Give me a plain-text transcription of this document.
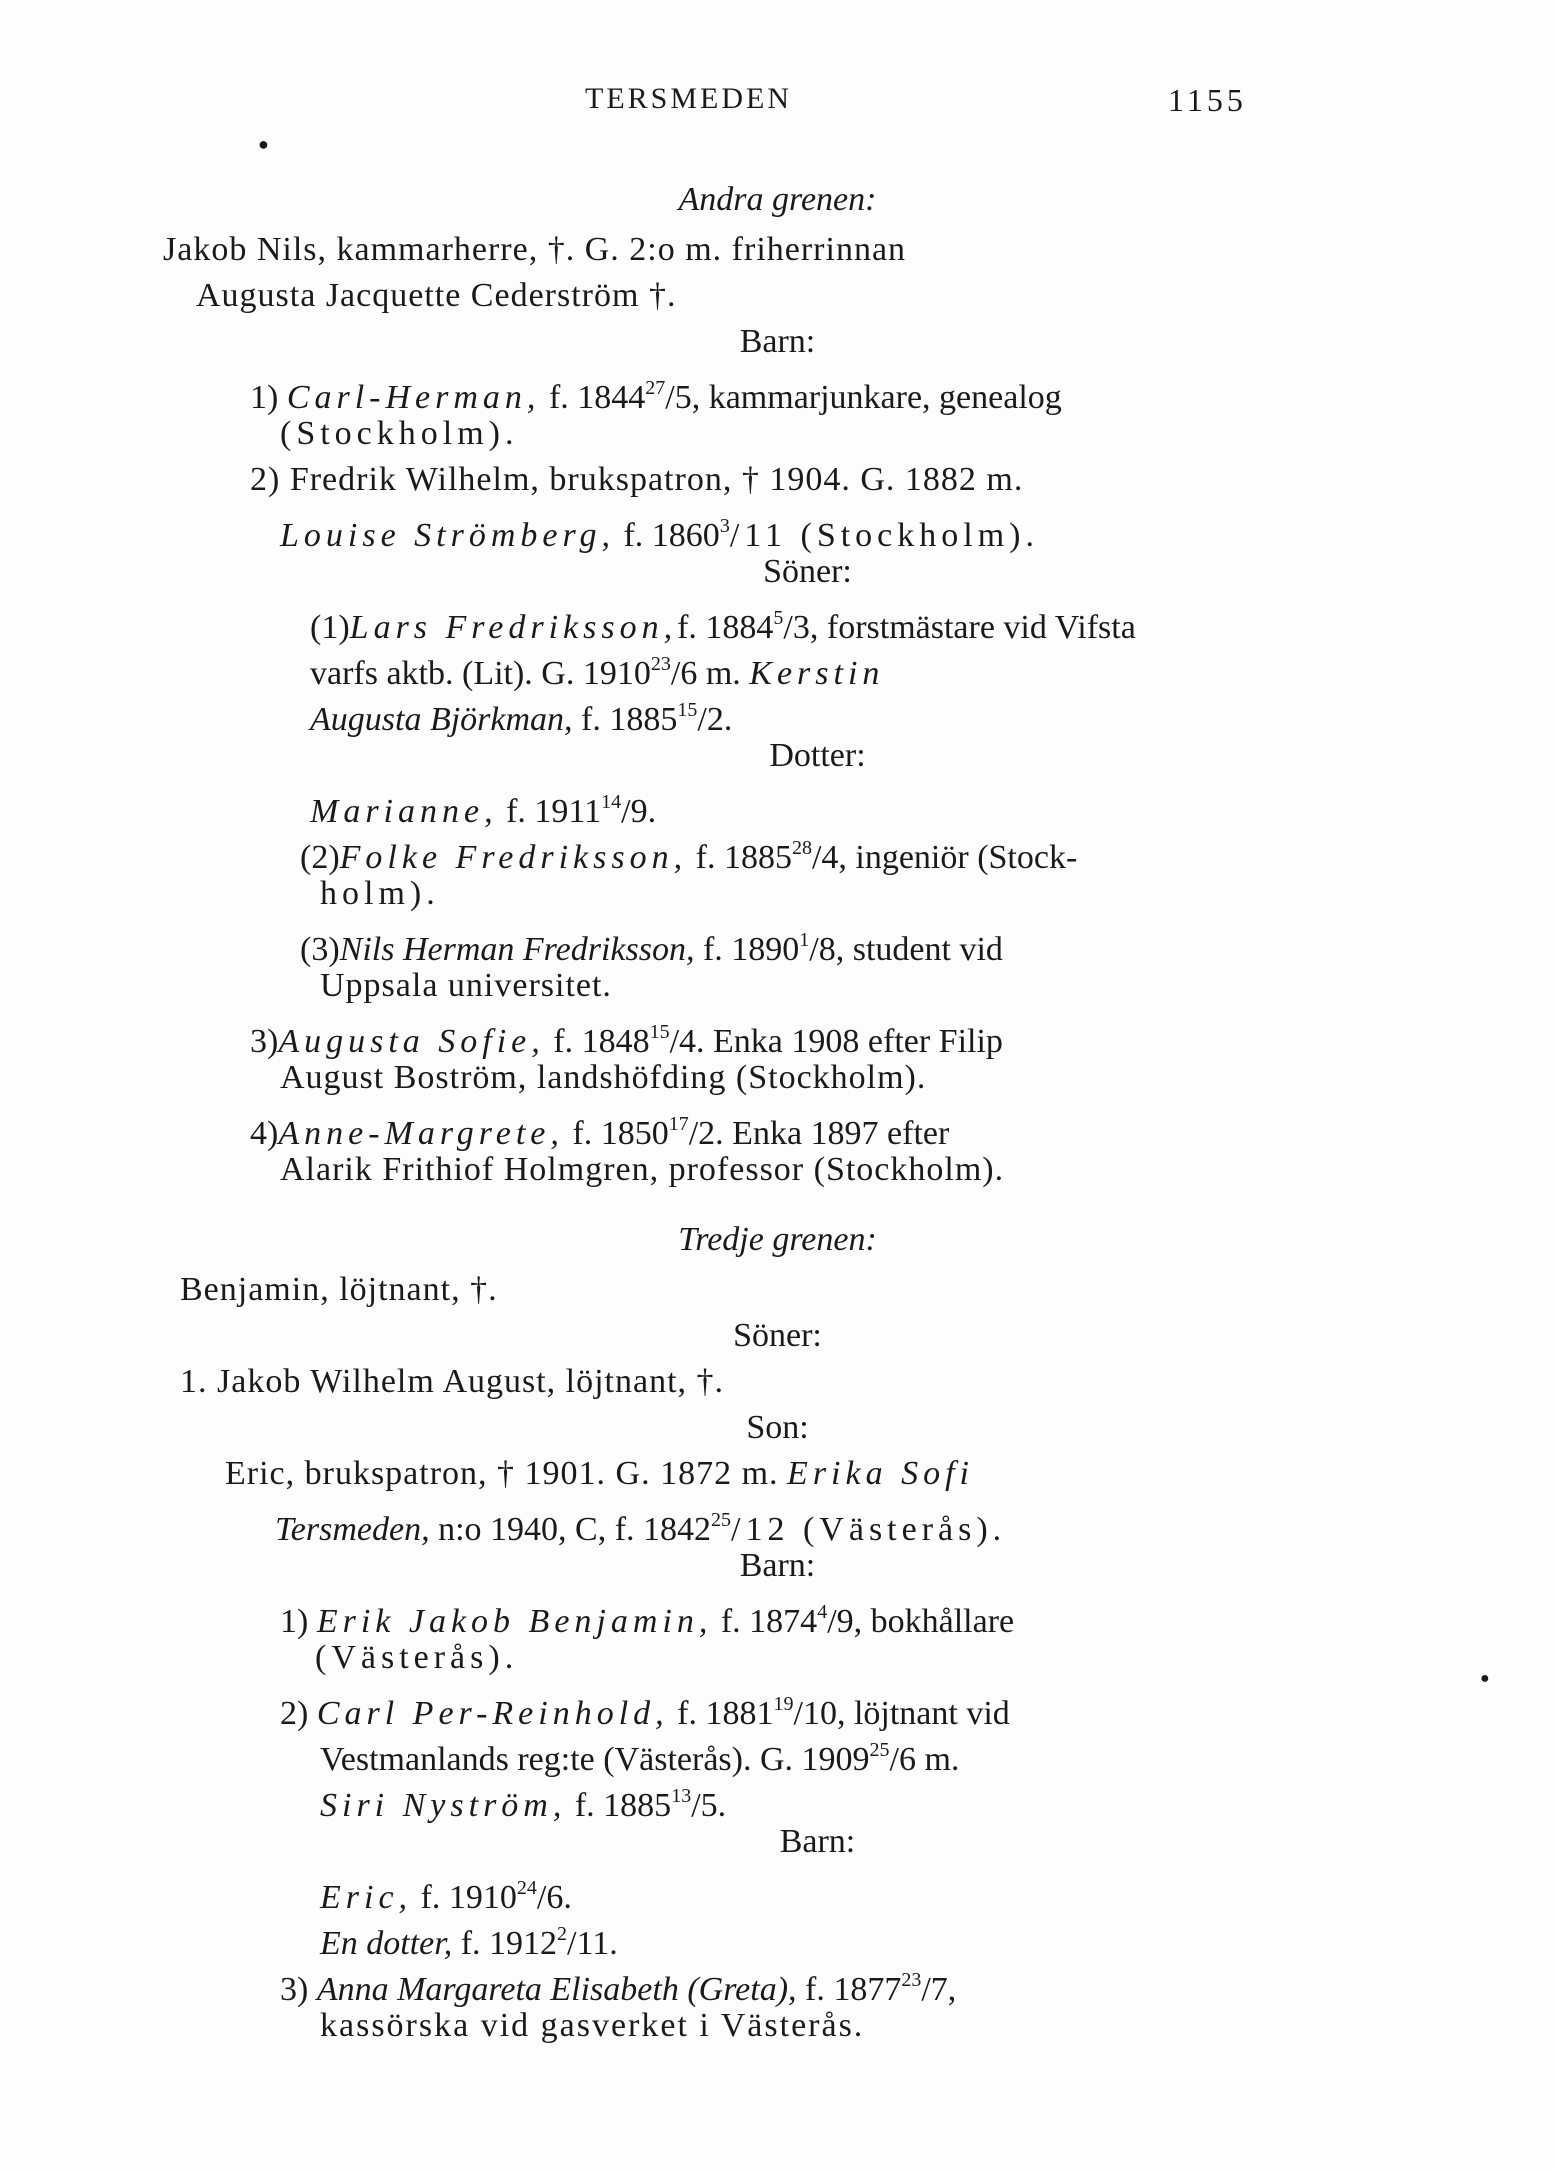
TERSMEDEN	1155
●
Andra grenen:
Jakob Nils, kammarherre, †. G. 2:o m. friherrinnan
Augusta Jacquette Cederström †.
Barn:
1) Carl-Herman, f. 1844$^{27}$/5, kammarjunkare, genealog
(Stockholm).
2) Fredrik Wilhelm, brukspatron, † 1904. G. 1882 m.
Louise Strömberg, f. 1860$^3$/11 (Stockholm).
Söner:
(1)Lars Fredriksson,f. 1884$^5$/3, forstmästare vid Vifsta
varfs aktb. (Lit). G. 1910$^{23}$/6 m. Kerstin
Augusta Björkman, f. 1885$^{15}$/2.
Dotter:
Marianne, f. 1911$^{14}$/9.
(2)Folke Fredriksson, f. 1885$^{28}$/4, ingeniör (Stock-
holm).
(3)Nils Herman Fredriksson, f. 1890$^1$/8, student vid
Uppsala universitet.
3)Augusta Sofie, f. 1848$^{15}$/4. Enka 1908 efter Filip
August Boström, landshöfding (Stockholm).
4)Anne-Margrete, f. 1850$^{17}$/2. Enka 1897 efter
Alarik Frithiof Holmgren, professor (Stockholm).
Tredje grenen:
Benjamin, löjtnant, †.
Söner:
1. Jakob Wilhelm August, löjtnant, †.
Son:
Eric, brukspatron, † 1901. G. 1872 m. Erika Sofi
Tersmeden, n:o 1940, C, f. 1842$^{25}$/12 (Västerås).
Barn:
1) Erik Jakob Benjamin, f. 1874$^4$/9, bokhållare
(Västerås).
2) Carl Per-Reinhold, f. 1881$^{19}$/10, löjtnant vid
Vestmanlands reg:te (Västerås). G. 1909$^{25}$/6 m.
Siri Nyström, f. 1885$^{13}$/5.
Barn:
Eric, f. 1910$^{24}$/6.
En dotter, f. 1912$^2$/11.
3) Anna Margareta Elisabeth (Greta), f. 1877$^{23}$/7,
kassörska vid gasverket i Västerås.
●
